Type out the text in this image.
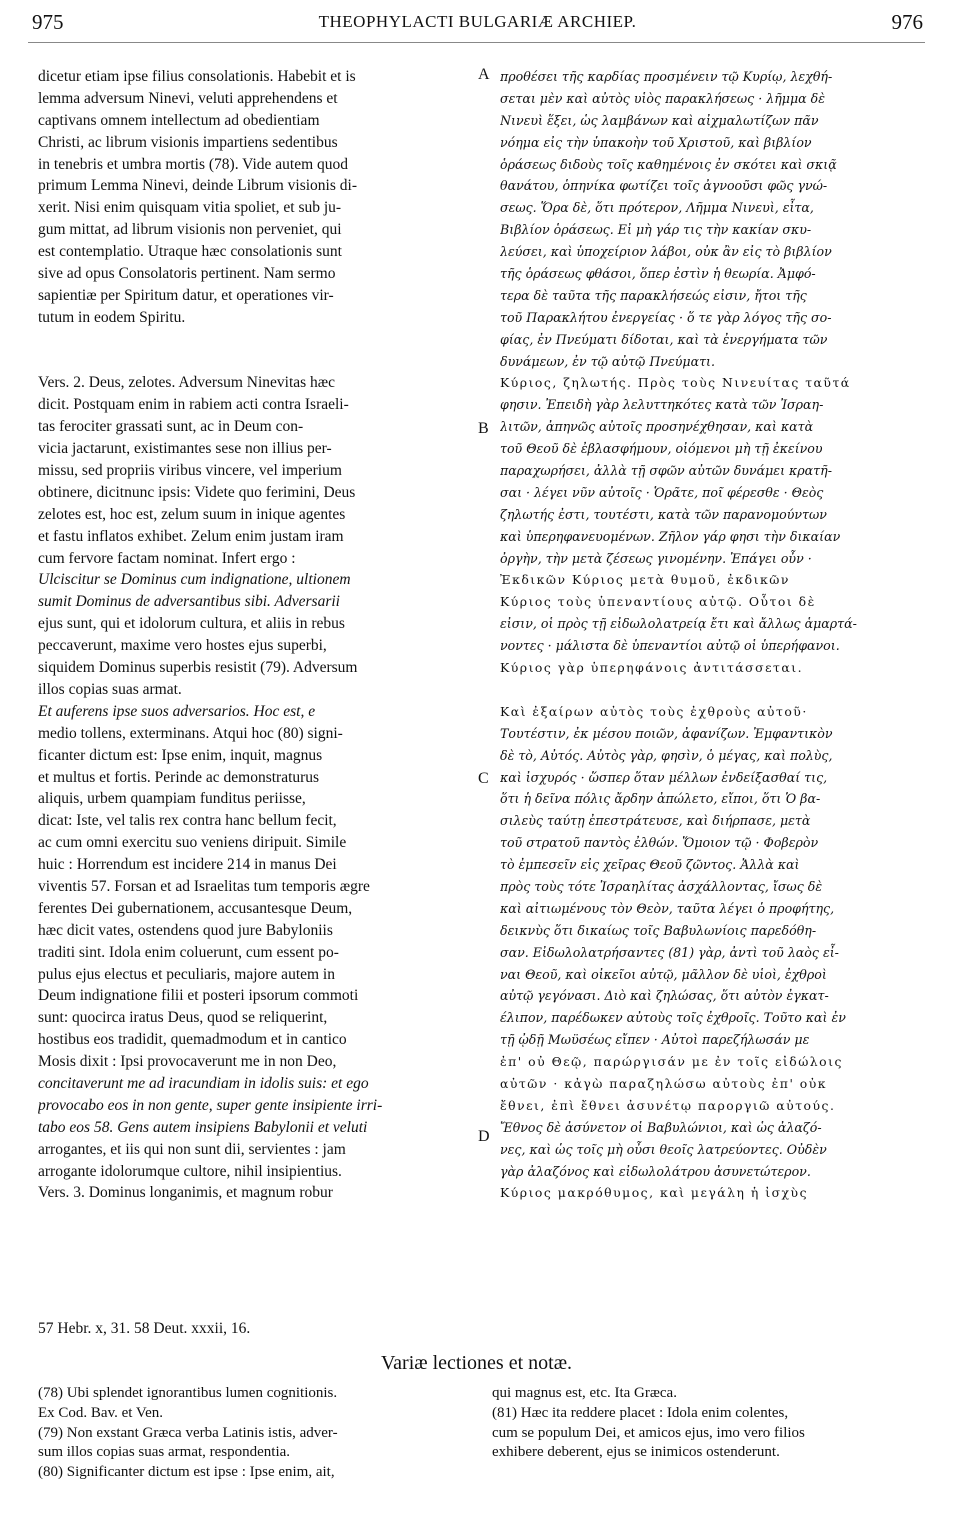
975	THEOPHYLACTI BULGARIÆ ARCHIEP.	976
dicetur etiam ipse filius consolationis. Habebit et is
lemma adversum Ninevi, veluti apprehendens et
captivans omnem intellectum ad obedientiam
Christi, ac librum visionis impartiens sedentibus
in tenebris et umbra mortis (78). Vide autem quod
primum Lemma Ninevi, deinde Librum visionis di-
xerit. Nisi enim quisquam vitia spoliet, et sub ju-
gum mittat, ad librum visionis non perveniet, qui
est contemplatio. Utraque hæc consolationis sunt
sive ad opus Consolatoris pertinent. Nam sermo
sapientiæ per Spiritum datur, et operationes vir-
tutum in eodem Spiritu.
Vers. 2. Deus, zelotes. Adversum Ninevitas hæc
dicit. Postquam enim in rabiem acti contra Israeli-
tas ferociter grassati sunt, ac in Deum con-
vicia jactarunt, existimantes sese non illius per-
missu, sed propriis viribus vincere, vel imperium
obtinere, dicitnunc ipsis: Videte quo ferimini, Deus
zelotes est, hoc est, zelum suum in inique agentes
et fastu inflatos exhibet. Zelum enim justam iram
cum fervore factam nominat. Infert ergo :
Ulciscitur se Dominus cum indignatione, ultionem
sumit Dominus de adversantibus sibi. Adversarii
ejus sunt, qui et idolorum cultura, et aliis in rebus
peccaverunt, maxime vero hostes ejus superbi,
siquidem Dominus superbis resistit (79). Adversum
illos copias suas armat.
Et auferens ipse suos adversarios. Hoc est, e
medio tollens, exterminans. Atqui hoc (80) signi-
ficanter dictum est: Ipse enim, inquit, magnus
et multus et fortis. Perinde ac demonstraturus
aliquis, urbem quampiam funditus periisse,
dicat: Iste, vel talis rex contra hanc bellum fecit,
ac cum omni exercitu suo veniens diripuit. Simile
huic : Horrendum est incidere 214 in manus Dei
viventis 57. Forsan et ad Israelitas tum temporis ægre
ferentes Dei gubernationem, accusantesque Deum,
hæc dicit vates, ostendens quod jure Babyloniis
traditi sint. Idola enim coluerunt, cum essent po-
pulus ejus electus et peculiaris, majore autem in
Deum indignatione filii et posteri ipsorum commoti
sunt: quocirca iratus Deus, quod se reliquerint,
hostibus eos tradidit, quemadmodum et in cantico
Mosis dixit : Ipsi provocaverunt me in non Deo,
concitaverunt me ad iracundiam in idolis suis: et ego
provocabo eos in non gente, super gente insipiente irri-
tabo eos 58. Gens autem insipiens Babylonii et veluti
arrogantes, et iis qui non sunt dii, servientes : jam
arrogante idolorumque cultore, nihil insipientius.
Vers. 3. Dominus longanimis, et magnum robur
προθέσει τῆς καρδίας προσμένειν τῷ Κυρίῳ, λεχθή-
σεται μὲν καὶ αὐτὸς υἱὸς παρακλήσεως · λῆμμα δὲ
Νινευὶ ἕξει, ὡς λαμβάνων καὶ αἰχμαλωτίζων πᾶν
νόημα εἰς τὴν ὑπακοὴν τοῦ Χριστοῦ, καὶ βιβλίον
ὁράσεως διδοὺς τοῖς καθημένοις ἐν σκότει καὶ σκιᾷ
θανάτου, ὁπηνίκα φωτίζει τοῖς ἀγνοοῦσι φῶς γνώ-
σεως. Ὅρα δὲ, ὅτι πρότερον, Λῆμμα Νινευὶ, εἶτα,
Βιβλίον ὁράσεως. Εἰ μὴ γάρ τις τὴν κακίαν σκυ-
λεύσει, καὶ ὑποχείριον λάβοι, οὐκ ἂν εἰς τὸ βιβλίον
τῆς ὁράσεως φθάσοι, ὅπερ ἐστὶν ἡ θεωρία. Ἀμφό-
τερα δὲ ταῦτα τῆς παρακλήσεώς εἰσιν, ἤτοι τῆς
τοῦ Παρακλήτου ἐνεργείας · ὅ τε γὰρ λόγος τῆς σο-
φίας, ἐν Πνεύματι δίδοται, καὶ τὰ ἐνεργήματα τῶν
δυνάμεων, ἐν τῷ αὐτῷ Πνεύματι.
Κύριος, ζηλωτής. Πρὸς τοὺς Νινευίτας ταῦτά
φησιν. Ἐπειδὴ γὰρ λελυττηκότες κατὰ τῶν Ἰσραη-
λιτῶν, ἀπηνῶς αὐτοῖς προσηνέχθησαν, καὶ κατὰ
τοῦ Θεοῦ δὲ ἐβλασφήμουν, οἰόμενοι μὴ τῇ ἐκείνου
παραχωρήσει, ἀλλὰ τῇ σφῶν αὐτῶν δυνάμει κρατῆ-
σαι · λέγει νῦν αὐτοῖς · Ὁρᾶτε, ποῖ φέρεσθε · Θεὸς
ζηλωτής ἐστι, τουτέστι, κατὰ τῶν παρανομούντων
καὶ ὑπερηφανευομένων. Ζῆλον γάρ φησι τὴν δικαίαν
ὀργὴν, τὴν μετὰ ζέσεως γινομένην. Ἐπάγει οὖν ·
Ἐκδικῶν Κύριος μετὰ θυμοῦ, ἐκδικῶν
Κύριος τοὺς ὑπεναντίους αὐτῷ. Οὗτοι δὲ
εἰσιν, οἱ πρὸς τῇ εἰδωλολατρείᾳ ἔτι καὶ ἄλλως ἁμαρτά-
νοντες · μάλιστα δὲ ὑπεναντίοι αὐτῷ οἱ ὑπερήφανοι.
Κύριος γὰρ ὑπερηφάνοις ἀντιτάσσεται.
Καὶ ἐξαίρων αὐτὸς τοὺς ἐχθροὺς αὐτοῦ·
Τουτέστιν, ἐκ μέσου ποιῶν, ἀφανίζων. Ἐμφαντικὸν
δὲ τὸ, Αὐτός. Αὐτὸς γὰρ, φησὶν, ὁ μέγας, καὶ πολὺς,
καὶ ἰσχυρός · ὥσπερ ὅταν μέλλων ἐνδείξασθαί τις,
ὅτι ἡ δεῖνα πόλις ἄρδην ἀπώλετο, εἴποι, ὅτι Ὁ βα-
σιλεὺς ταύτῃ ἐπεστράτευσε, καὶ διήρπασε, μετὰ
τοῦ στρατοῦ παντὸς ἐλθών. Ὅμοιον τῷ · Φοβερὸν
τὸ ἐμπεσεῖν εἰς χεῖρας Θεοῦ ζῶντος. Ἀλλὰ καὶ
πρὸς τοὺς τότε Ἰσραηλίτας ἀσχάλλοντας, ἴσως δὲ
καὶ αἰτιωμένους τὸν Θεὸν, ταῦτα λέγει ὁ προφήτης,
δεικνὺς ὅτι δικαίως τοῖς Βαβυλωνίοις παρεδόθη-
σαν. Εἰδωλολατρήσαντες (81) γὰρ, ἀντὶ τοῦ λαὸς εἶ-
ναι Θεοῦ, καὶ οἰκεῖοι αὐτῷ, μᾶλλον δὲ υἱοὶ, ἐχθροὶ
αὐτῷ γεγόνασι. Διὸ καὶ ζηλώσας, ὅτι αὐτὸν ἐγκατ-
έλιπον, παρέδωκεν αὐτοὺς τοῖς ἐχθροῖς. Τοῦτο καὶ ἐν
τῇ ᾠδῇ Μωϋσέως εἴπεν · Αὐτοὶ παρεζήλωσάν με
ἐπ' οὐ Θεῷ, παρώργισάν με ἐν τοῖς εἰδώλοις
αὐτῶν · κἀγὼ παραζηλώσω αὐτοὺς ἐπ' οὐκ
ἔθνει, ἐπὶ ἔθνει ἀσυνέτῳ παροργιῶ αὐτούς.
Ἔθνος δὲ ἀσύνετον οἱ Βαβυλώνιοι, καὶ ὡς ἀλαζό-
νες, καὶ ὡς τοῖς μὴ οὖσι θεοῖς λατρεύοντες. Οὐδὲν
γὰρ ἀλαζόνος καὶ εἰδωλολάτρου ἀσυνετώτερον.
Κύριος μακρόθυμος, καὶ μεγάλη ἡ ἰσχὺς
A
B
C
D
57 Hebr. x, 31. 58 Deut. xxxii, 16.
Variæ lectiones et notæ.
(78) Ubi splendet ignorantibus lumen cognitionis.
Ex Cod. Bav. et Ven.
(79) Non exstant Græca verba Latinis istis, adver-
sum illos copias suas armat, respondentia.
(80) Significanter dictum est ipse : Ipse enim, ait,
qui magnus est, etc. Ita Græca.
(81) Hæc ita reddere placet : Idola enim colentes,
cum se populum Dei, et amicos ejus, imo vero filios
exhibere deberent, ejus se inimicos ostenderunt.
